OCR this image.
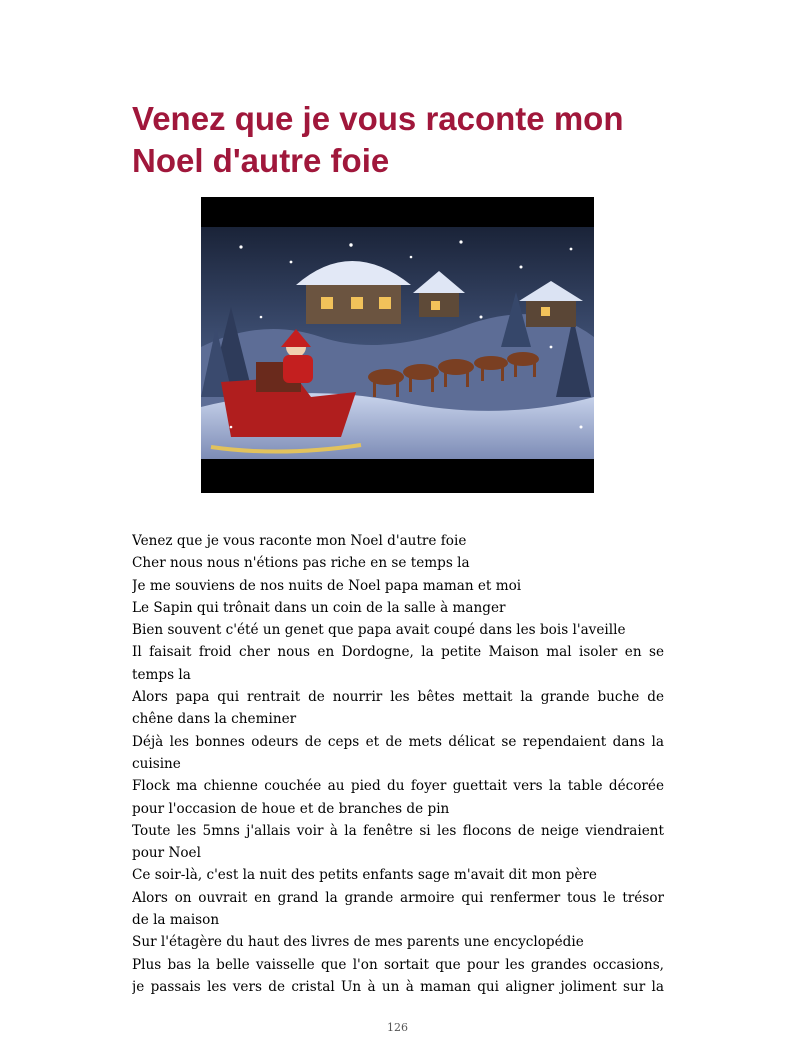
Venez que je vous raconte mon Noel d'autre foie
Venez que je vous raconte mon Noel d'autre foie
Cher nous nous n'étions pas riche en se temps la
Je me souviens de nos nuits de Noel papa maman et moi
Le Sapin qui trônait dans un coin de la salle à manger
Bien souvent c'été un genet que papa avait coupé dans les bois l'aveille
Il faisait froid cher nous en Dordogne, la petite Maison mal isoler en se
temps la
Alors papa qui rentrait de nourrir les bêtes mettait la grande buche de
chêne dans la cheminer
Déjà les bonnes odeurs de ceps et de mets délicat se rependaient dans la
cuisine
Flock ma chienne couchée au pied du foyer guettait vers la table décorée
pour l'occasion de houe et de branches de pin
Toute les 5mns j'allais voir à la fenêtre si les flocons de neige viendraient
pour Noel
Ce soir-là, c'est la nuit des petits enfants sage m'avait dit mon père
Alors on ouvrait en grand la grande armoire qui renfermer tous le trésor
de la maison
Sur l'étagère du haut des livres de mes parents une encyclopédie
Plus bas la belle vaisselle que l'on sortait que pour les grandes occasions,
je passais les vers de cristal Un à un à maman qui aligner joliment sur la
126
